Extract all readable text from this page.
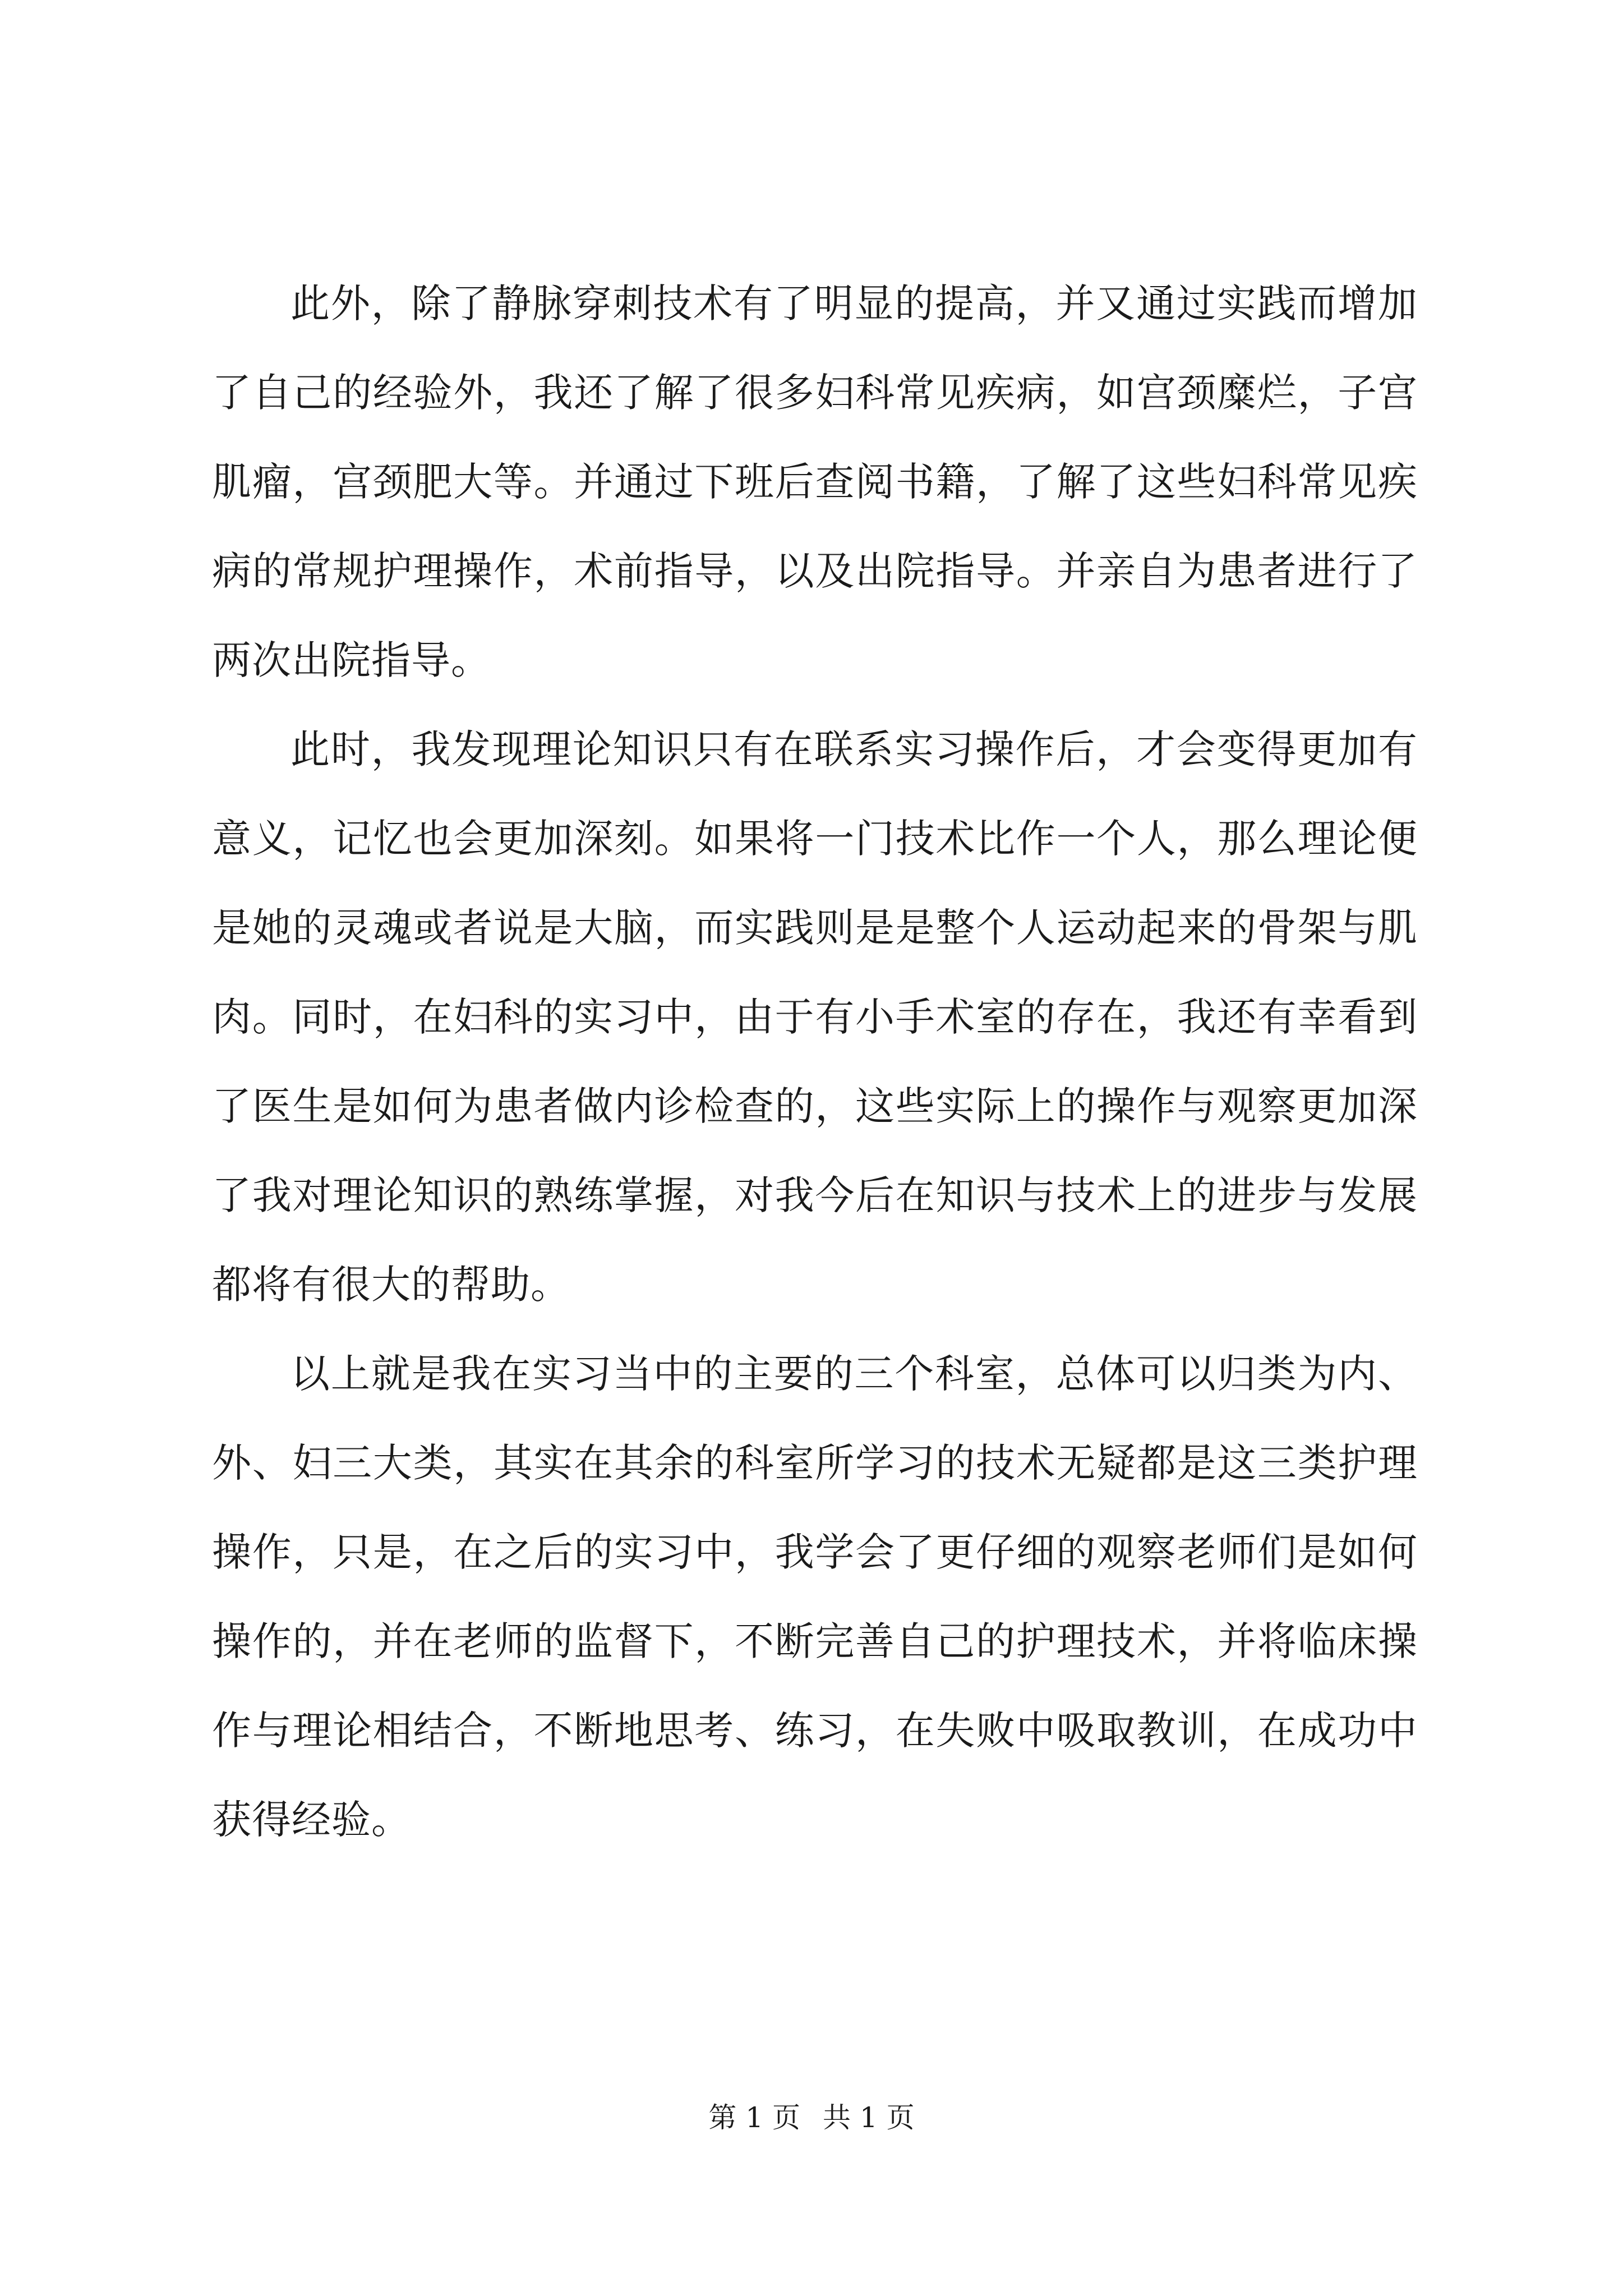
此外，除了静脉穿刺技术有了明显的提高，并又通过实践而增加了自己的经验外，我还了解了很多妇科常见疾病，如宫颈糜烂，子宫肌瘤，宫颈肥大等。并通过下班后查阅书籍，了解了这些妇科常见疾病的常规护理操作，术前指导，以及出院指导。并亲自为患者进行了两次出院指导。

此时，我发现理论知识只有在联系实习操作后，才会变得更加有意义，记忆也会更加深刻。如果将一门技术比作一个人，那么理论便是她的灵魂或者说是大脑，而实践则是是整个人运动起来的骨架与肌肉。同时，在妇科的实习中，由于有小手术室的存在，我还有幸看到了医生是如何为患者做内诊检查的，这些实际上的操作与观察更加深了我对理论知识的熟练掌握，对我今后在知识与技术上的进步与发展都将有很大的帮助。

以上就是我在实习当中的主要的三个科室，总体可以归类为内、外、妇三大类，其实在其余的科室所学习的技术无疑都是这三类护理操作，只是，在之后的实习中，我学会了更仔细的观察老师们是如何操作的，并在老师的监督下，不断完善自己的护理技术，并将临床操作与理论相结合，不断地思考、练习，在失败中吸取教训，在成功中获得经验。

第 1 页 共 1 页
